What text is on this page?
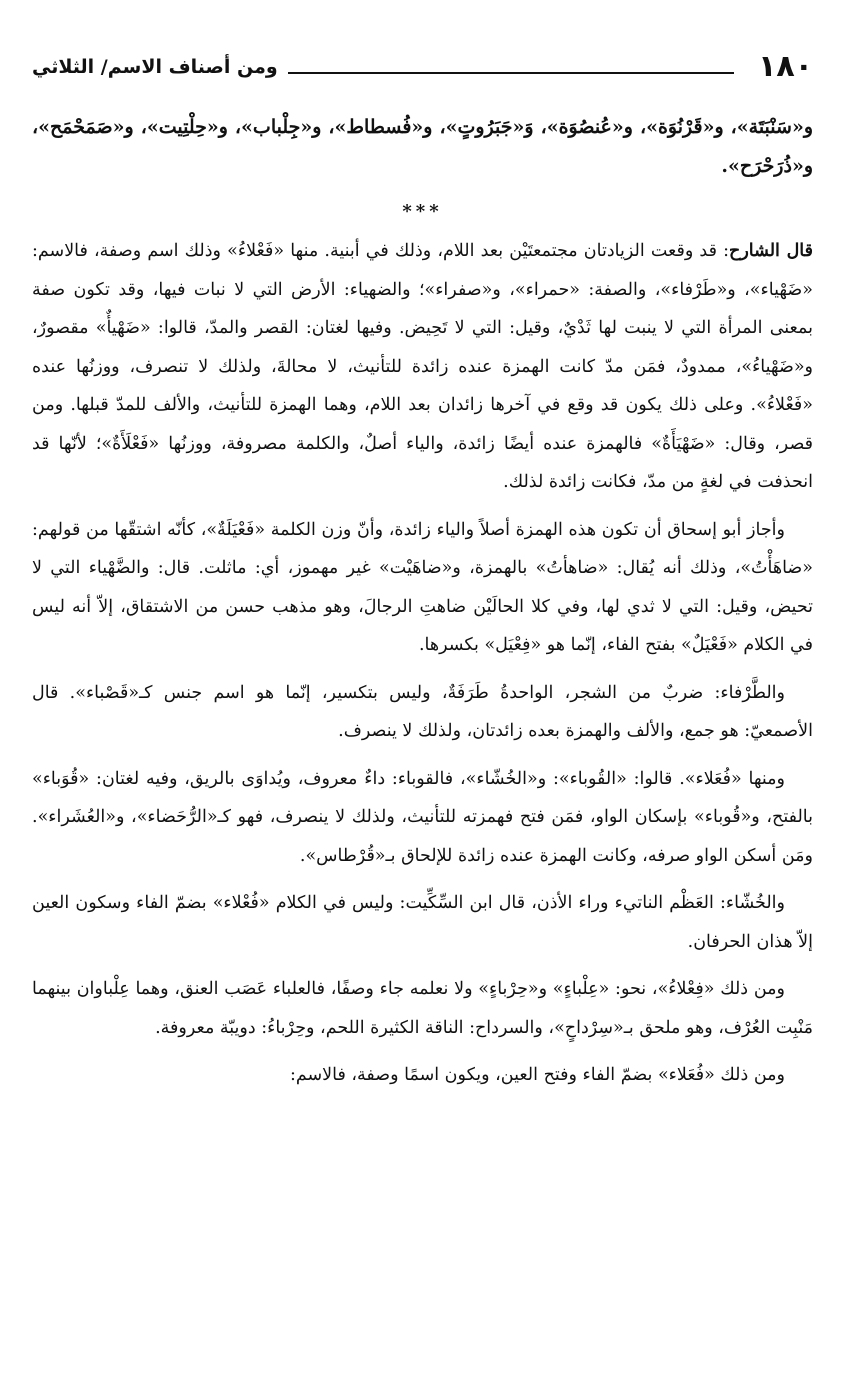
١٨٠
ومن أصناف الاسم/ الثلاثي

و«سَنْبَتَة»، و«قَرْنُوَة»، و«عُنصُوَة»، وَ«جَبَرُوتٍ»، و«فُسطاط»، و«جِلْباب»، و«حِلْتِيت»، و«صَمَحْمَح»، و«ذُرَحْرَح».

***

قال الشارح: قد وقعت الزيادتان مجتمعتَيْن بعد اللام، وذلك في أبنية. منها «فَعْلاءُ» وذلك اسم وصفة، فالاسم: «ضَهْياء»، و«طَرْفاء»، والصفة: «حمراء»، و«صفراء»؛ والضهياء: الأرض التي لا نبات فيها، وقد تكون صفة بمعنى المرأة التي لا ينبت لها ثَدْيٌ، وقيل: التي لا تَحِيض. وفيها لغتان: القصر والمدّ، قالوا: «ضَهْيأٌ» مقصورٌ، و«ضَهْياءُ»، ممدودٌ، فمَن مدّ كانت الهمزة عنده زائدة للتأنيث، لا محالةَ، ولذلك لا تنصرف، ووزنُها عنده «فَعْلاءُ». وعلى ذلك يكون قد وقع في آخرها زائدان بعد اللام، وهما الهمزة للتأنيث، والألف للمدّ قبلها. ومن قصر، وقال: «ضَهْيَأَةٌ» فالهمزة عنده أيضًا زائدة، والياء أصلٌ، والكلمة مصروفة، ووزنُها «فَعْلَأَةٌ»؛ لأنّها قد انحذفت في لغةٍ من مدّ، فكانت زائدة لذلك.

وأجاز أبو إسحاق أن تكون هذه الهمزة أصلاً والياء زائدة، وأنّ وزن الكلمة «فَعْيَلَةٌ»، كأنّه اشتقّها من قولهم: «ضاهَأْتُ»، وذلك أنه يُقال: «ضاهأتُ» بالهمزة، و«ضاهَيْت» غير مهموز، أي: ماثلت. قال: والضَّهْياء التي لا تحيض، وقيل: التي لا ثدي لها، وفي كلا الحالَيْن ضاهتِ الرجالَ، وهو مذهب حسن من الاشتقاق، إلاّ أنه ليس في الكلام «فَعْيَلٌ» بفتح الفاء، إنّما هو «فِعْيَل» بكسرها.

والطَّرْفاء: ضربٌ من الشجر، الواحدةُ طَرَفَةٌ، وليس بتكسير، إنّما هو اسم جنس كـ«قَصْباء». قال الأصمعيّ: هو جمع، والألف والهمزة بعده زائدتان، ولذلك لا ينصرف.

ومنها «فُعَلاء». قالوا: «القُوباء»: و«الخُشّاء»، فالقوباء: داءٌ معروف، ويُداوَى بالريق، وفيه لغتان: «قُوَباء» بالفتح، و«قُوباء» بإسكان الواو، فمَن فتح فهمزته للتأنيث، ولذلك لا ينصرف، فهو كـ«الرُّحَضاء»، و«العُشَراء». ومَن أسكن الواو صرفه، وكانت الهمزة عنده زائدة للإلحاق بـ«قُرْطاس».

والخُشّاء: العَظْم الناتيء وراء الأذن، قال ابن السِّكِّيت: وليس في الكلام «فُعْلاء» بضمّ الفاء وسكون العين إلاّ هذان الحرفان.

ومن ذلك «فِعْلاءُ»، نحو: «عِلْباءٍ» و«حِرْباءٍ» ولا نعلمه جاء وصفًا، فالعلباء عَصَب العنق، وهما عِلْباوان بينهما مَنْبِت العُرْف، وهو ملحق بـ«سِرْداحٍ»، والسرداح: الناقة الكثيرة اللحم، وحِرْباءُ: دويبّة معروفة.

ومن ذلك «فُعَلاء» بضمّ الفاء وفتح العين، ويكون اسمًا وصفة، فالاسم:
